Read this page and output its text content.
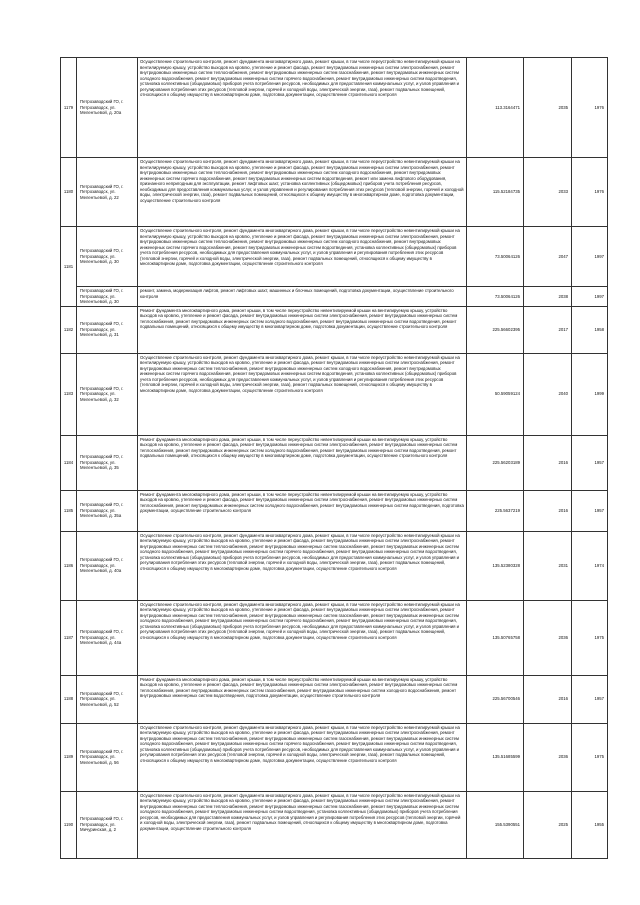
1179	Петрозаводский ГО, г. Петрозаводск, ул. Мелентьевой, д. 20а	Осуществление строительного контроля, ремонт фундамента многоквартирного дома, ремонт крыши, в том числе переустройство невентилируемой крыши на вентилируемую крышу, устройство выходов на кровлю, утепление и ремонт фасада, ремонт внутридомовых инженерных систем электроснабжения, ремонт внутридомовых инженерных систем теплоснабжения, ремонт внутридомовых инженерных систем газоснабжения, ремонт внутридомовых инженерных систем холодного водоснабжения, ремонт внутридомовых инженерных систем горячего водоснабжения, ремонт внутридомовых инженерных систем водоотведения, установка коллективных (общедомовых) приборов учета потребления ресурсов, необходимых для предоставления коммунальных услуг, и узлов управления и регулирования потребления этих ресурсов (тепловой энергии, горячей и холодной воды, электрической энергии, газа), ремонт подвальных помещений, относящихся к общему имуществу в многоквартирном доме, подготовка документации, осуществление строительного контроля	113.3164471	2035	1976
1180	Петрозаводский ГО, г. Петрозаводск, ул. Мелентьевой, д. 22	Осуществление строительного контроля, ремонт фундамента многоквартирного дома, ремонт крыши, в том числе переустройство невентилируемой крыши на вентилируемую крышу, устройство выходов на кровлю, утепление и ремонт фасада, ремонт внутридомовых инженерных систем электроснабжения, ремонт внутридомовых инженерных систем теплоснабжения, ремонт внутридомовых инженерных систем холодного водоснабжения, ремонт внутридомовых инженерных систем горячего водоснабжения, ремонт внутридомовых инженерных систем водоотведения, ремонт или замена лифтового оборудования, признанного непригодным для эксплуатации, ремонт лифтовых шахт, установка коллективных (общедомовых) приборов учета потребления ресурсов, необходимых для предоставления коммунальных услуг, и узлов управления и регулирования потребления этих ресурсов (тепловой энергии, горячей и холодной воды, электрической энергии, газа), ремонт подвальных помещений, относящихся к общему имуществу в многоквартирном доме, подготовка документации, осуществление строительного контроля	115.52184735	2033	1976
1181	Петрозаводский ГО, г. Петрозаводск, ул. Мелентьевой, д. 30	Осуществление строительного контроля, ремонт фундамента многоквартирного дома, ремонт крыши, в том числе переустройство невентилируемой крыши на вентилируемую крышу, устройство выходов на кровлю, утепление и ремонт фасада, ремонт внутридомовых инженерных систем электроснабжения, ремонт внутридомовых инженерных систем теплоснабжения, ремонт внутридомовых инженерных систем холодного водоснабжения, ремонт внутридомовых инженерных систем горячего водоснабжения, ремонт внутридомовых инженерных систем водоотведения, установка коллективных (общедомовых) приборов учета потребления ресурсов, необходимых для предоставления коммунальных услуг, и узлов управления и регулирования потребления этих ресурсов (тепловой энергии, горячей и холодной воды, электрической энергии, газа), ремонт подвальных помещений, относящихся к общему имуществу в многоквартирном доме, подготовка документации, осуществление строительного контроля	73.50064126	2047	1997
	Петрозаводский ГО, г. Петрозаводск, ул. Мелентьевой, д. 30	ремонт, замена, модернизация лифтов, ремонт лифтовых шахт, машинных и блочных помещений, подготовка документации, осуществление строительного контроля	73.50064126	2038	1997
1182	Петрозаводский ГО, г. Петрозаводск, ул. Мелентьевой, д. 31	Ремонт фундамента многоквартирного дома, ремонт крыши, в том числе переустройство невентилируемой крыши на вентилируемую крышу, устройство выходов на кровлю, утепление и ремонт фасада, ремонт внутридомовых инженерных систем электроснабжения, ремонт внутридомовых инженерных систем теплоснабжения, ремонт внутридомовых инженерных систем холодного водоснабжения, ремонт внутридомовых инженерных систем водоотведения, ремонт подвальных помещений, относящихся к общему имуществу в многоквартирном доме, подготовка документации, осуществление строительного контроля	225.56602395	2017	1958
1183	Петрозаводский ГО, г. Петрозаводск, ул. Мелентьевой, д. 32	Осуществление строительного контроля, ремонт фундамента многоквартирного дома, ремонт крыши, в том числе переустройство невентилируемой крыши на вентилируемую крышу, устройство выходов на кровлю, утепление и ремонт фасада, ремонт внутридомовых инженерных систем электроснабжения, ремонт внутридомовых инженерных систем теплоснабжения, ремонт внутридомовых инженерных систем холодного водоснабжения, ремонт внутридомовых инженерных систем горячего водоснабжения, ремонт внутридомовых инженерных систем водоотведения, установка коллективных (общедомовых) приборов учета потребления ресурсов, необходимых для предоставления коммунальных услуг, и узлов управления и регулирования потребления этих ресурсов (тепловой энергии, горячей и холодной воды, электрической энергии, газа), ремонт подвальных помещений, относящихся к общему имуществу в многоквартирном доме, подготовка документации, осуществление строительного контроля	50.59059124	2040	1999
1184	Петрозаводский ГО, г. Петрозаводск, ул. Мелентьевой, д. 35	Ремонт фундамента многоквартирного дома, ремонт крыши, в том числе переустройство невентилируемой крыши на вентилируемую крышу, устройство выходов на кровлю, утепление и ремонт фасада, ремонт внутридомовых инженерных систем электроснабжения, ремонт внутридомовых инженерных систем теплоснабжения, ремонт внутридомовых инженерных систем холодного водоснабжения, ремонт внутридомовых инженерных систем водоотведения, ремонт подвальных помещений, относящихся к общему имуществу в многоквартирном доме, подготовка документации, осуществление строительного контроля	225.56203189	2016	1957
1185	Петрозаводский ГО, г. Петрозаводск, ул. Мелентьевой, д. 35а	Ремонт фундамента многоквартирного дома, ремонт крыши, в том числе переустройство невентилируемой крыши на вентилируемую крышу, устройство выходов на кровлю, утепление и ремонт фасада, ремонт внутридомовых инженерных систем электроснабжения, ремонт внутридомовых инженерных систем теплоснабжения, ремонт внутридомовых инженерных систем холодного водоснабжения, ремонт внутридомовых инженерных систем водоотведения, подготовка документации, осуществление строительного контроля	225.5637219	2016	1957
1186	Петрозаводский ГО, г. Петрозаводск, ул. Мелентьевой, д. 40а	Осуществление строительного контроля, ремонт фундамента многоквартирного дома, ремонт крыши, в том числе переустройство невентилируемой крыши на вентилируемую крышу, устройство выходов на кровлю, утепление и ремонт фасада, ремонт внутридомовых инженерных систем электроснабжения, ремонт внутридомовых инженерных систем теплоснабжения, ремонт внутридомовых инженерных систем газоснабжения, ремонт внутридомовых инженерных систем холодного водоснабжения, ремонт внутридомовых инженерных систем горячего водоснабжения, ремонт внутридомовых инженерных систем водоотведения, установка коллективных (общедомовых) приборов учета потребления ресурсов, необходимых для предоставления коммунальных услуг, и узлов управления и регулирования потребления этих ресурсов (тепловой энергии, горячей и холодной воды, электрической энергии, газа), ремонт подвальных помещений, относящихся к общему имуществу в многоквартирном доме, подготовка документации, осуществление строительного контроля	135.52380328	2031	1974
1187	Петрозаводский ГО, г. Петрозаводск, ул. Мелентьевой, д. 44а	Осуществление строительного контроля, ремонт фундамента многоквартирного дома, ремонт крыши, в том числе переустройство невентилируемой крыши на вентилируемую крышу, устройство выходов на кровлю, утепление и ремонт фасада, ремонт внутридомовых инженерных систем электроснабжения, ремонт внутридомовых инженерных систем теплоснабжения, ремонт внутридомовых инженерных систем газоснабжения, ремонт внутридомовых инженерных систем холодного водоснабжения, ремонт внутридомовых инженерных систем горячего водоснабжения, ремонт внутридомовых инженерных систем водоотведения, установка коллективных (общедомовых) приборов учета потребления ресурсов, необходимых для предоставления коммунальных услуг, и узлов управления и регулирования потребления этих ресурсов (тепловой энергии, горячей и холодной воды, электрической энергии, газа), ремонт подвальных помещений, относящихся к общему имуществу в многоквартирном доме, подготовка документации, осуществление строительного контроля	135.50765758	2036	1975
1188	Петрозаводский ГО, г. Петрозаводск, ул. Мелентьевой, д. 52	Ремонт фундамента многоквартирного дома, ремонт крыши, в том числе переустройство невентилируемой крыши на вентилируемую крышу, устройство выходов на кровлю, утепление и ремонт фасада, ремонт внутридомовых инженерных систем электроснабжения, ремонт внутридомовых инженерных систем теплоснабжения, ремонт внутридомовых инженерных систем газоснабжения, ремонт внутридомовых инженерных систем холодного водоснабжения, ремонт внутридомовых инженерных систем водоотведения, подготовка документации, осуществление строительного контроля	225.56700546	2016	1957
1189	Петрозаводский ГО, г. Петрозаводск, ул. Мелентьевой, д. 56	Осуществление строительного контроля, ремонт фундамента многоквартирного дома, ремонт крыши, в том числе переустройство невентилируемой крыши на вентилируемую крышу, устройство выходов на кровлю, утепление и ремонт фасада, ремонт внутридомовых инженерных систем электроснабжения, ремонт внутридомовых инженерных систем теплоснабжения, ремонт внутридомовых инженерных систем газоснабжения, ремонт внутридомовых инженерных систем холодного водоснабжения, ремонт внутридомовых инженерных систем горячего водоснабжения, ремонт внутридомовых инженерных систем водоотведения, установка коллективных (общедомовых) приборов учета потребления ресурсов, необходимых для предоставления коммунальных услуг, и узлов управления и регулирования потребления этих ресурсов (тепловой энергии, горячей и холодной воды, электрической энергии, газа), ремонт подвальных помещений, относящихся к общему имуществу в многоквартирном доме, подготовка документации, осуществление строительного контроля	135.51685599	2036	1975
1190	Петрозаводский ГО, г. Петрозаводск, ул. Мичуринская, д. 2	Осуществление строительного контроля, ремонт фундамента многоквартирного дома, ремонт крыши, в том числе переустройство невентилируемой крыши на вентилируемую крышу, устройство выходов на кровлю, утепление и ремонт фасада, ремонт внутридомовых инженерных систем электроснабжения, ремонт внутридомовых инженерных систем теплоснабжения, ремонт внутридомовых инженерных систем газоснабжения, ремонт внутридомовых инженерных систем холодного водоснабжения, ремонт внутридомовых инженерных систем водоотведения, установка коллективных (общедомовых) приборов учета потребления ресурсов, необходимых для предоставления коммунальных услуг, и узлов управления и регулирования потребления этих ресурсов (тепловой энергии, горячей и холодной воды, электрической энергии, газа), ремонт подвальных помещений, относящихся к общему имуществу в многоквартирном доме, подготовка документации, осуществление строительного контроля	155.5390551	2025	1955
